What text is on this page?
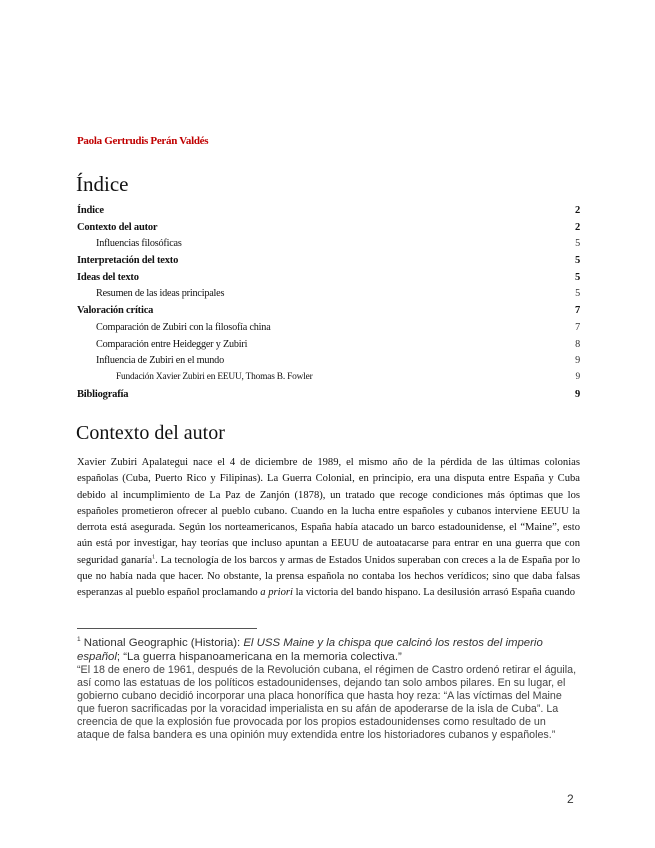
Paola Gertrudis Perán Valdés
Índice
Índice	2
Contexto del autor	2
Influencias filosóficas	5
Interpretación del texto	5
Ideas del texto	5
Resumen de las ideas principales	5
Valoración crítica	7
Comparación de Zubiri con la filosofía china	7
Comparación entre Heidegger y Zubiri	8
Influencia de Zubiri en el mundo	9
Fundación Xavier Zubiri en EEUU, Thomas B. Fowler	9
Bibliografía	9
Contexto del autor

Xavier Zubiri Apalategui nace el 4 de diciembre de 1989, el mismo año de la pérdida de las últimas colonias españolas (Cuba, Puerto Rico y Filipinas). La Guerra Colonial, en principio, era una disputa entre España y Cuba debido al incumplimiento de La Paz de Zanjón (1878), un tratado que recoge condiciones más óptimas que los españoles prometieron ofrecer al pueblo cubano. Cuando en la lucha entre españoles y cubanos interviene EEUU la derrota está asegurada. Según los norteamericanos, España había atacado un barco estadounidense, el “Maine”, esto aún está por investigar, hay teorías que incluso apuntan a EEUU de autoatacarse para entrar en una guerra que con seguridad ganaría$^1$. La tecnología de los barcos y armas de Estados Unidos superaban con creces a la de España por lo que no había nada que hacer. No obstante, la prensa española no contaba los hechos verídicos; sino que daba falsas esperanzas al pueblo español proclamando a priori la victoria del bando hispano. La desilusión arrasó España cuando

$^1$ National Geographic (Historia): El USS Maine y la chispa que calcinó los restos del imperio español; “La guerra hispanoamericana en la memoria colectiva.”

“El 18 de enero de 1961, después de la Revolución cubana, el régimen de Castro ordenó retirar el águila, así como las estatuas de los políticos estadounidenses, dejando tan solo ambos pilares. En su lugar, el gobierno cubano decidió incorporar una placa honorífica que hasta hoy reza: “A las víctimas del Maine que fueron sacrificadas por la voracidad imperialista en su afán de apoderarse de la isla de Cuba”. La creencia de que la explosión fue provocada por los propios estadounidenses como resultado de un ataque de falsa bandera es una opinión muy extendida entre los historiadores cubanos y españoles.”

2
